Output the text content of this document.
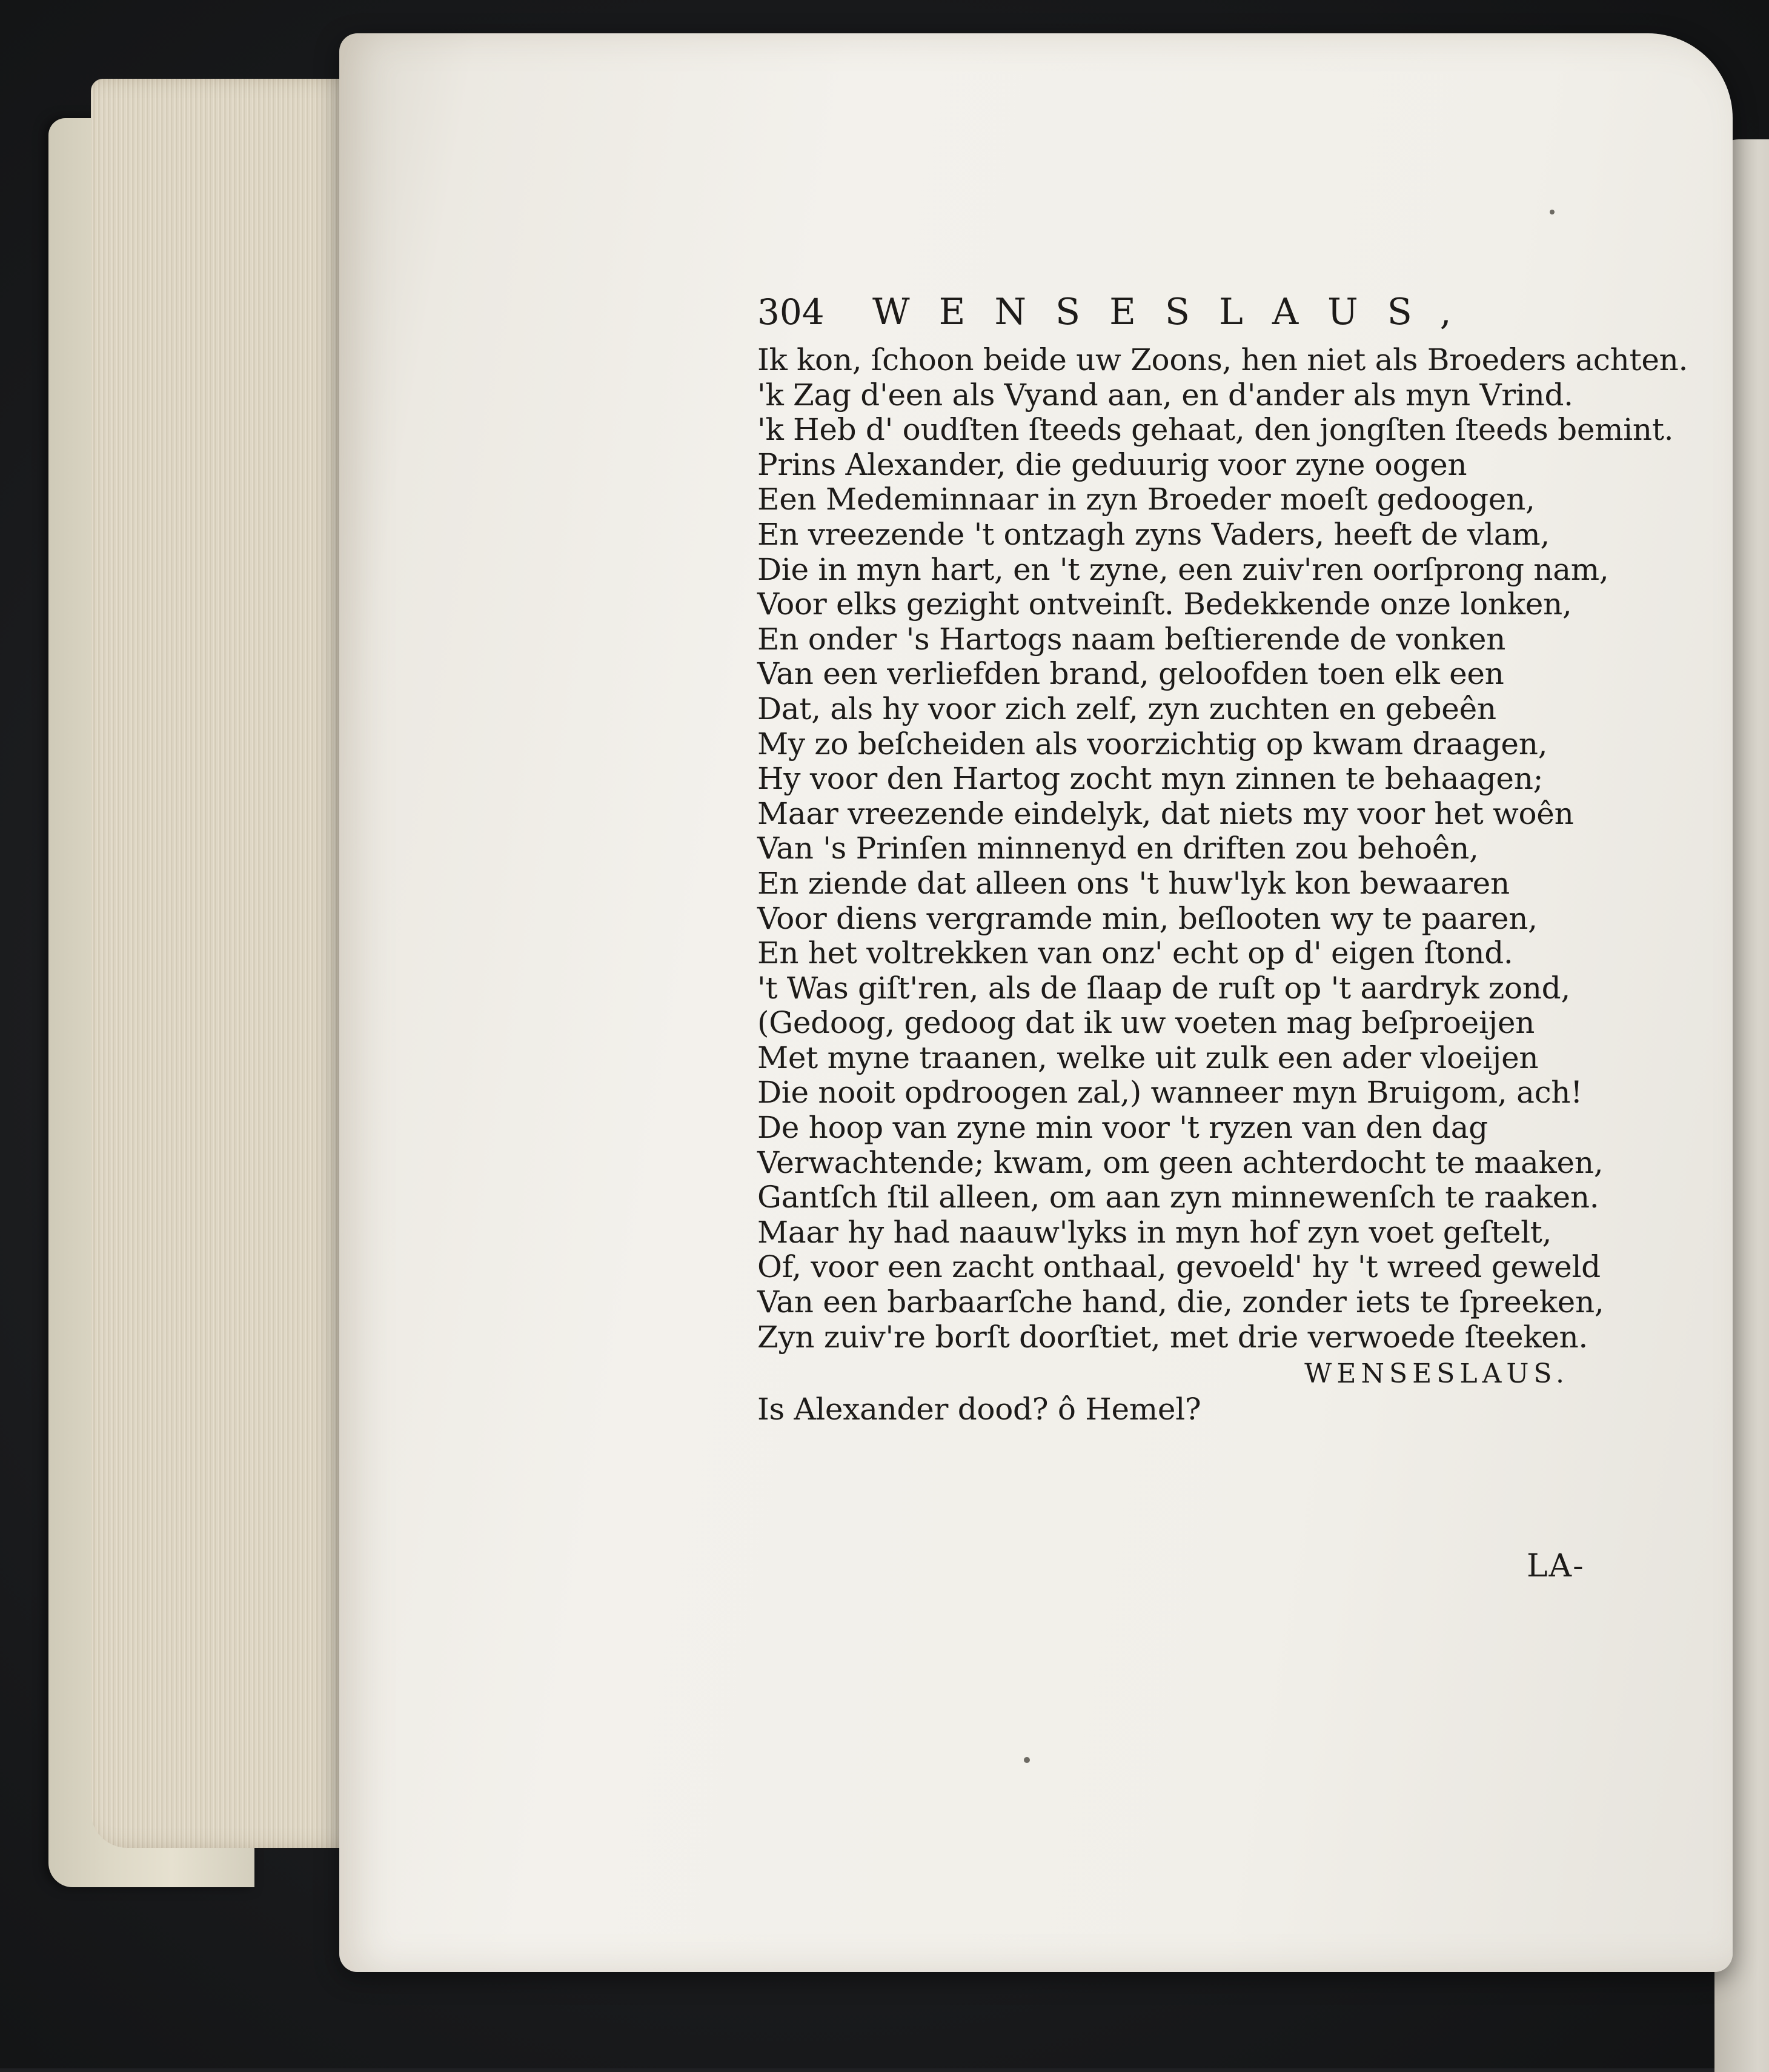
304 WENSESLAUS,
Ik kon, ſchoon beide uw Zoons, hen niet als Broeders achten.
'k Zag d'een als Vyand aan, en d'ander als myn Vrind.
'k Heb d' oudſten ſteeds gehaat, den jongſten ſteeds bemint.
Prins Alexander, die geduurig voor zyne oogen
Een Medeminnaar in zyn Broeder moeſt gedoogen,
En vreezende 't ontzagh zyns Vaders, heeft de vlam,
Die in myn hart, en 't zyne, een zuiv'ren oorſprong nam,
Voor elks gezight ontveinſt. Bedekkende onze lonken,
En onder 's Hartogs naam beſtierende de vonken
Van een verliefden brand, geloofden toen elk een
Dat, als hy voor zich zelf, zyn zuchten en gebeên
My zo beſcheiden als voorzichtig op kwam draagen,
Hy voor den Hartog zocht myn zinnen te behaagen;
Maar vreezende eindelyk, dat niets my voor het woên
Van 's Prinſen minnenyd en driften zou behoên,
En ziende dat alleen ons 't huw'lyk kon bewaaren
Voor diens vergramde min, beſlooten wy te paaren,
En het voltrekken van onz' echt op d' eigen ſtond.
't Was giſt'ren, als de ſlaap de ruſt op 't aardryk zond,
(Gedoog, gedoog dat ik uw voeten mag beſproeijen
Met myne traanen, welke uit zulk een ader vloeijen
Die nooit opdroogen zal,) wanneer myn Bruigom, ach!
De hoop van zyne min voor 't ryzen van den dag
Verwachtende; kwam, om geen achterdocht te maaken,
Gantſch ſtil alleen, om aan zyn minnewenſch te raaken.
Maar hy had naauw'lyks in myn hof zyn voet geſtelt,
Of, voor een zacht onthaal, gevoeld' hy 't wreed geweld
Van een barbaarſche hand, die, zonder iets te ſpreeken,
Zyn zuiv're borſt doorſtiet, met drie verwoede ſteeken.
WENSESLAUS.
Is Alexander dood? ô Hemel?
LA-
